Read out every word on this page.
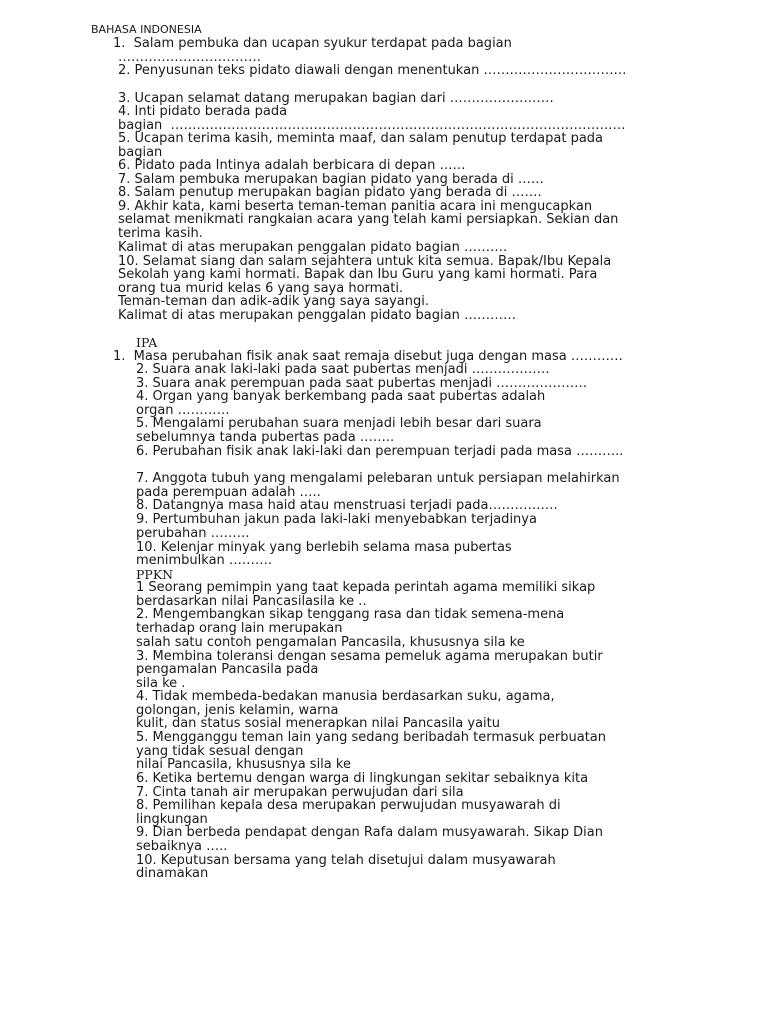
BAHASA INDONESIA
1.  Salam pembuka dan ucapan syukur terdapat pada bagian
……………………………
2. Penyusunan teks pidato diawali dengan menentukan ……………………………
3. Ucapan selamat datang merupakan bagian dari ……………………
4. Inti pidato berada pada
bagian  ……………………………………………………………………………………………
5. Ucapan terima kasih, meminta maaf, dan salam penutup terdapat pada
bagian
6. Pidato pada Intinya adalah berbicara di depan ……
7. Salam pembuka merupakan bagian pidato yang berada di ……
8. Salam penutup merupakan bagian pidato yang berada di …….
9. Akhir kata, kami beserta teman-teman panitia acara ini mengucapkan
selamat menikmati rangkaian acara yang telah kami persiapkan. Sekian dan
terima kasih.
Kalimat di atas merupakan penggalan pidato bagian ……….
10. Selamat siang dan salam sejahtera untuk kita semua. Bapak/Ibu Kepala
Sekolah yang kami hormati. Bapak dan Ibu Guru yang kami hormati. Para
orang tua murid kelas 6 yang saya hormati.
Teman-teman dan adik-adik yang saya sayangi.
Kalimat di atas merupakan penggalan pidato bagian …………
IPA
1.  Masa perubahan fisik anak saat remaja disebut juga dengan masa …………
2. Suara anak laki-laki pada saat pubertas menjadi ………………
3. Suara anak perempuan pada saat pubertas menjadi …………………
4. Organ yang banyak berkembang pada saat pubertas adalah
organ …………
5. Mengalami perubahan suara menjadi lebih besar dari suara
sebelumnya tanda pubertas pada ……..
6. Perubahan fisik anak laki-laki dan perempuan terjadi pada masa ………..
7. Anggota tubuh yang mengalami pelebaran untuk persiapan melahirkan
pada perempuan adalah …..
8. Datangnya masa haid atau menstruasi terjadi pada…………….
9. Pertumbuhan jakun pada laki-laki menyebabkan terjadinya
perubahan ………
10. Kelenjar minyak yang berlebih selama masa pubertas
menimbulkan ……….
PPKN
1 Seorang pemimpin yang taat kepada perintah agama memiliki sikap
berdasarkan nilai Pancasilasila ke ..
2. Mengembangkan sikap tenggang rasa dan tidak semena-mena
terhadap orang lain merupakan
salah satu contoh pengamalan Pancasila, khususnya sila ke
3. Membina toleransi dengan sesama pemeluk agama merupakan butir
pengamalan Pancasila pada
sila ke .
4. Tidak membeda-bedakan manusia berdasarkan suku, agama,
golongan, jenis kelamin, warna
kulit, dan status sosial menerapkan nilai Pancasila yaitu
5. Mengganggu teman lain yang sedang beribadah termasuk perbuatan
yang tidak sesual dengan
nilai Pancasila, khususnya sila ke
6. Ketika bertemu dengan warga di lingkungan sekitar sebaiknya kita
7. Cinta tanah air merupakan perwujudan dari sila
8. Pemilihan kepala desa merupakan perwujudan musyawarah di
lingkungan
9. Dian berbeda pendapat dengan Rafa dalam musyawarah. Sikap Dian
sebaiknya …..
10. Keputusan bersama yang telah disetujui dalam musyawarah
dinamakan
